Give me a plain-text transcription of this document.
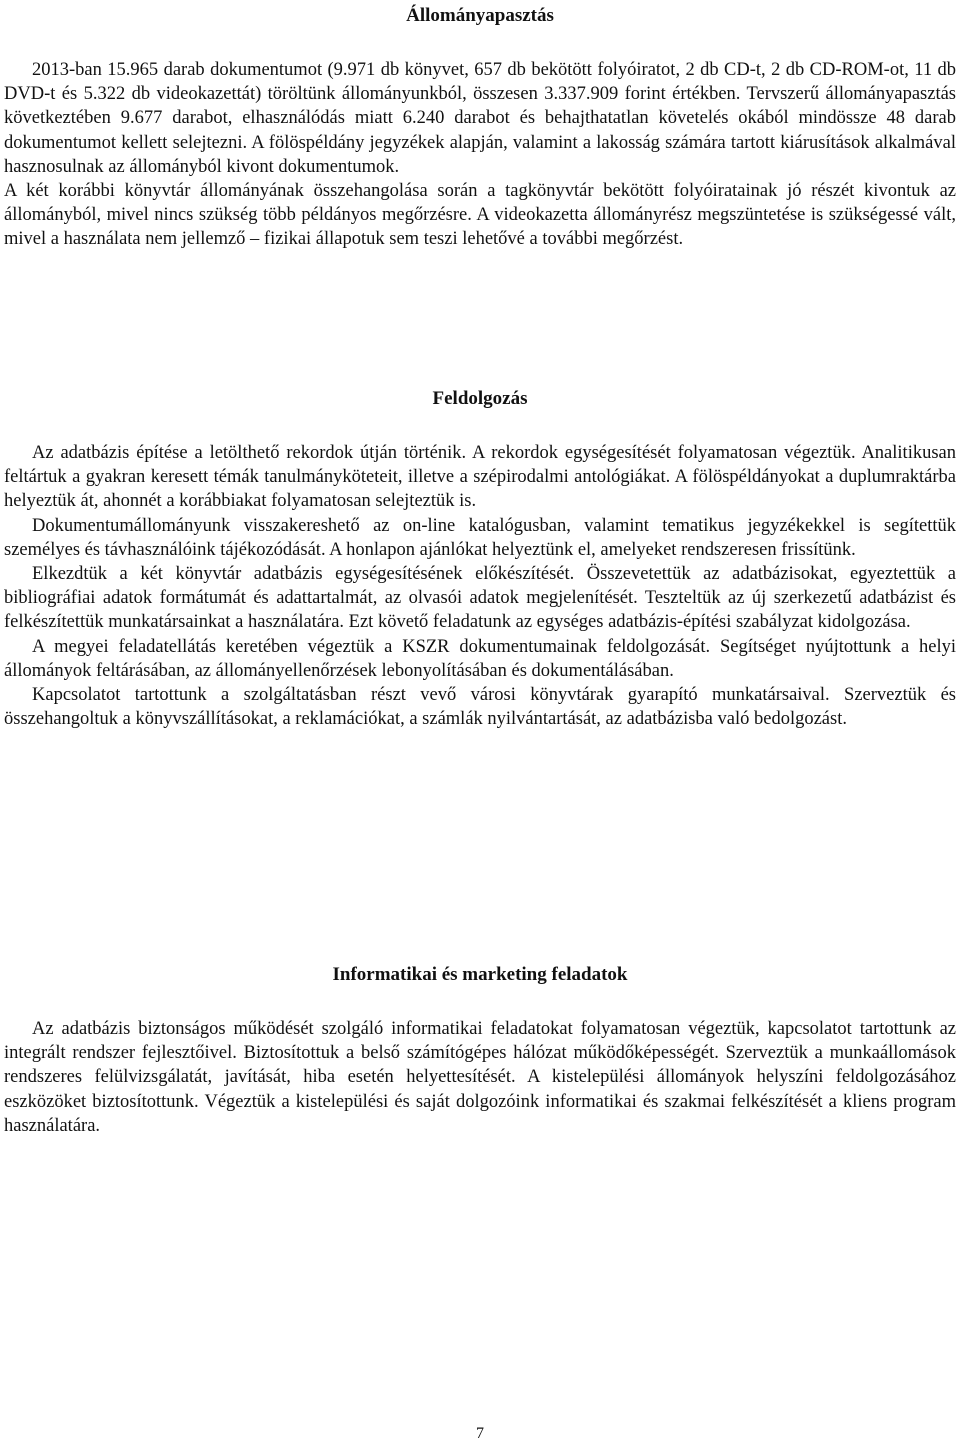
Állományapasztás

2013-ban 15.965 darab dokumentumot (9.971 db könyvet, 657 db bekötött folyóiratot, 2 db CD-t, 2 db CD-ROM-ot, 11 db DVD-t és 5.322 db videokazettát) töröltünk állományunkból, összesen 3.337.909 forint értékben. Tervszerű állományapasztás következtében 9.677 darabot, elhasználódás miatt 6.240 darabot és behajthatatlan követelés okából mindössze 48 darab dokumentumot kellett selejtezni. A fölöspéldány jegyzékek alapján, valamint a lakosság számára tartott kiárusítások alkalmával hasznosulnak az állományból kivont dokumentumok.

A két korábbi könyvtár állományának összehangolása során a tagkönyvtár bekötött folyóiratainak jó részét kivontuk az állományból, mivel nincs szükség több példányos megőrzésre. A videokazetta állományrész megszüntetése is szükségessé vált, mivel a használata nem jellemző – fizikai állapotuk sem teszi lehetővé a további megőrzést.

Feldolgozás

Az adatbázis építése a letölthető rekordok útján történik. A rekordok egységesítését folyamatosan végeztük. Analitikusan feltártuk a gyakran keresett témák tanulmányköteteit, illetve a szépirodalmi antológiákat. A fölöspéldányokat a duplumraktárba helyeztük át, ahonnét a korábbiakat folyamatosan selejteztük is.

Dokumentumállományunk visszakereshető az on-line katalógusban, valamint tematikus jegyzékekkel is segítettük személyes és távhasználóink tájékozódását. A honlapon ajánlókat helyeztünk el, amelyeket rendszeresen frissítünk.

Elkezdtük a két könyvtár adatbázis egységesítésének előkészítését. Összevetettük az adatbázisokat, egyeztettük a bibliográfiai adatok formátumát és adattartalmát, az olvasói adatok megjelenítését. Teszteltük az új szerkezetű adatbázist és felkészítettük munkatársainkat a használatára. Ezt követő feladatunk az egységes adatbázis-építési szabályzat kidolgozása.

A megyei feladatellátás keretében végeztük a KSZR dokumentumainak feldolgozását. Segítséget nyújtottunk a helyi állományok feltárásában, az állományellenőrzések lebonyolításában és dokumentálásában.

Kapcsolatot tartottunk a szolgáltatásban részt vevő városi könyvtárak gyarapító munkatársaival. Szerveztük és összehangoltuk a könyvszállításokat, a reklamációkat, a számlák nyilvántartását, az adatbázisba való bedolgozást.

Informatikai és marketing feladatok

Az adatbázis biztonságos működését szolgáló informatikai feladatokat folyamatosan végeztük, kapcsolatot tartottunk az integrált rendszer fejlesztőivel. Biztosítottuk a belső számítógépes hálózat működőképességét. Szerveztük a munkaállomások rendszeres felülvizsgálatát, javítását, hiba esetén helyettesítését. A kistelepülési állományok helyszíni feldolgozásához eszközöket biztosítottunk. Végeztük a kistelepülési és saját dolgozóink informatikai és szakmai felkészítését a kliens program használatára.

7
